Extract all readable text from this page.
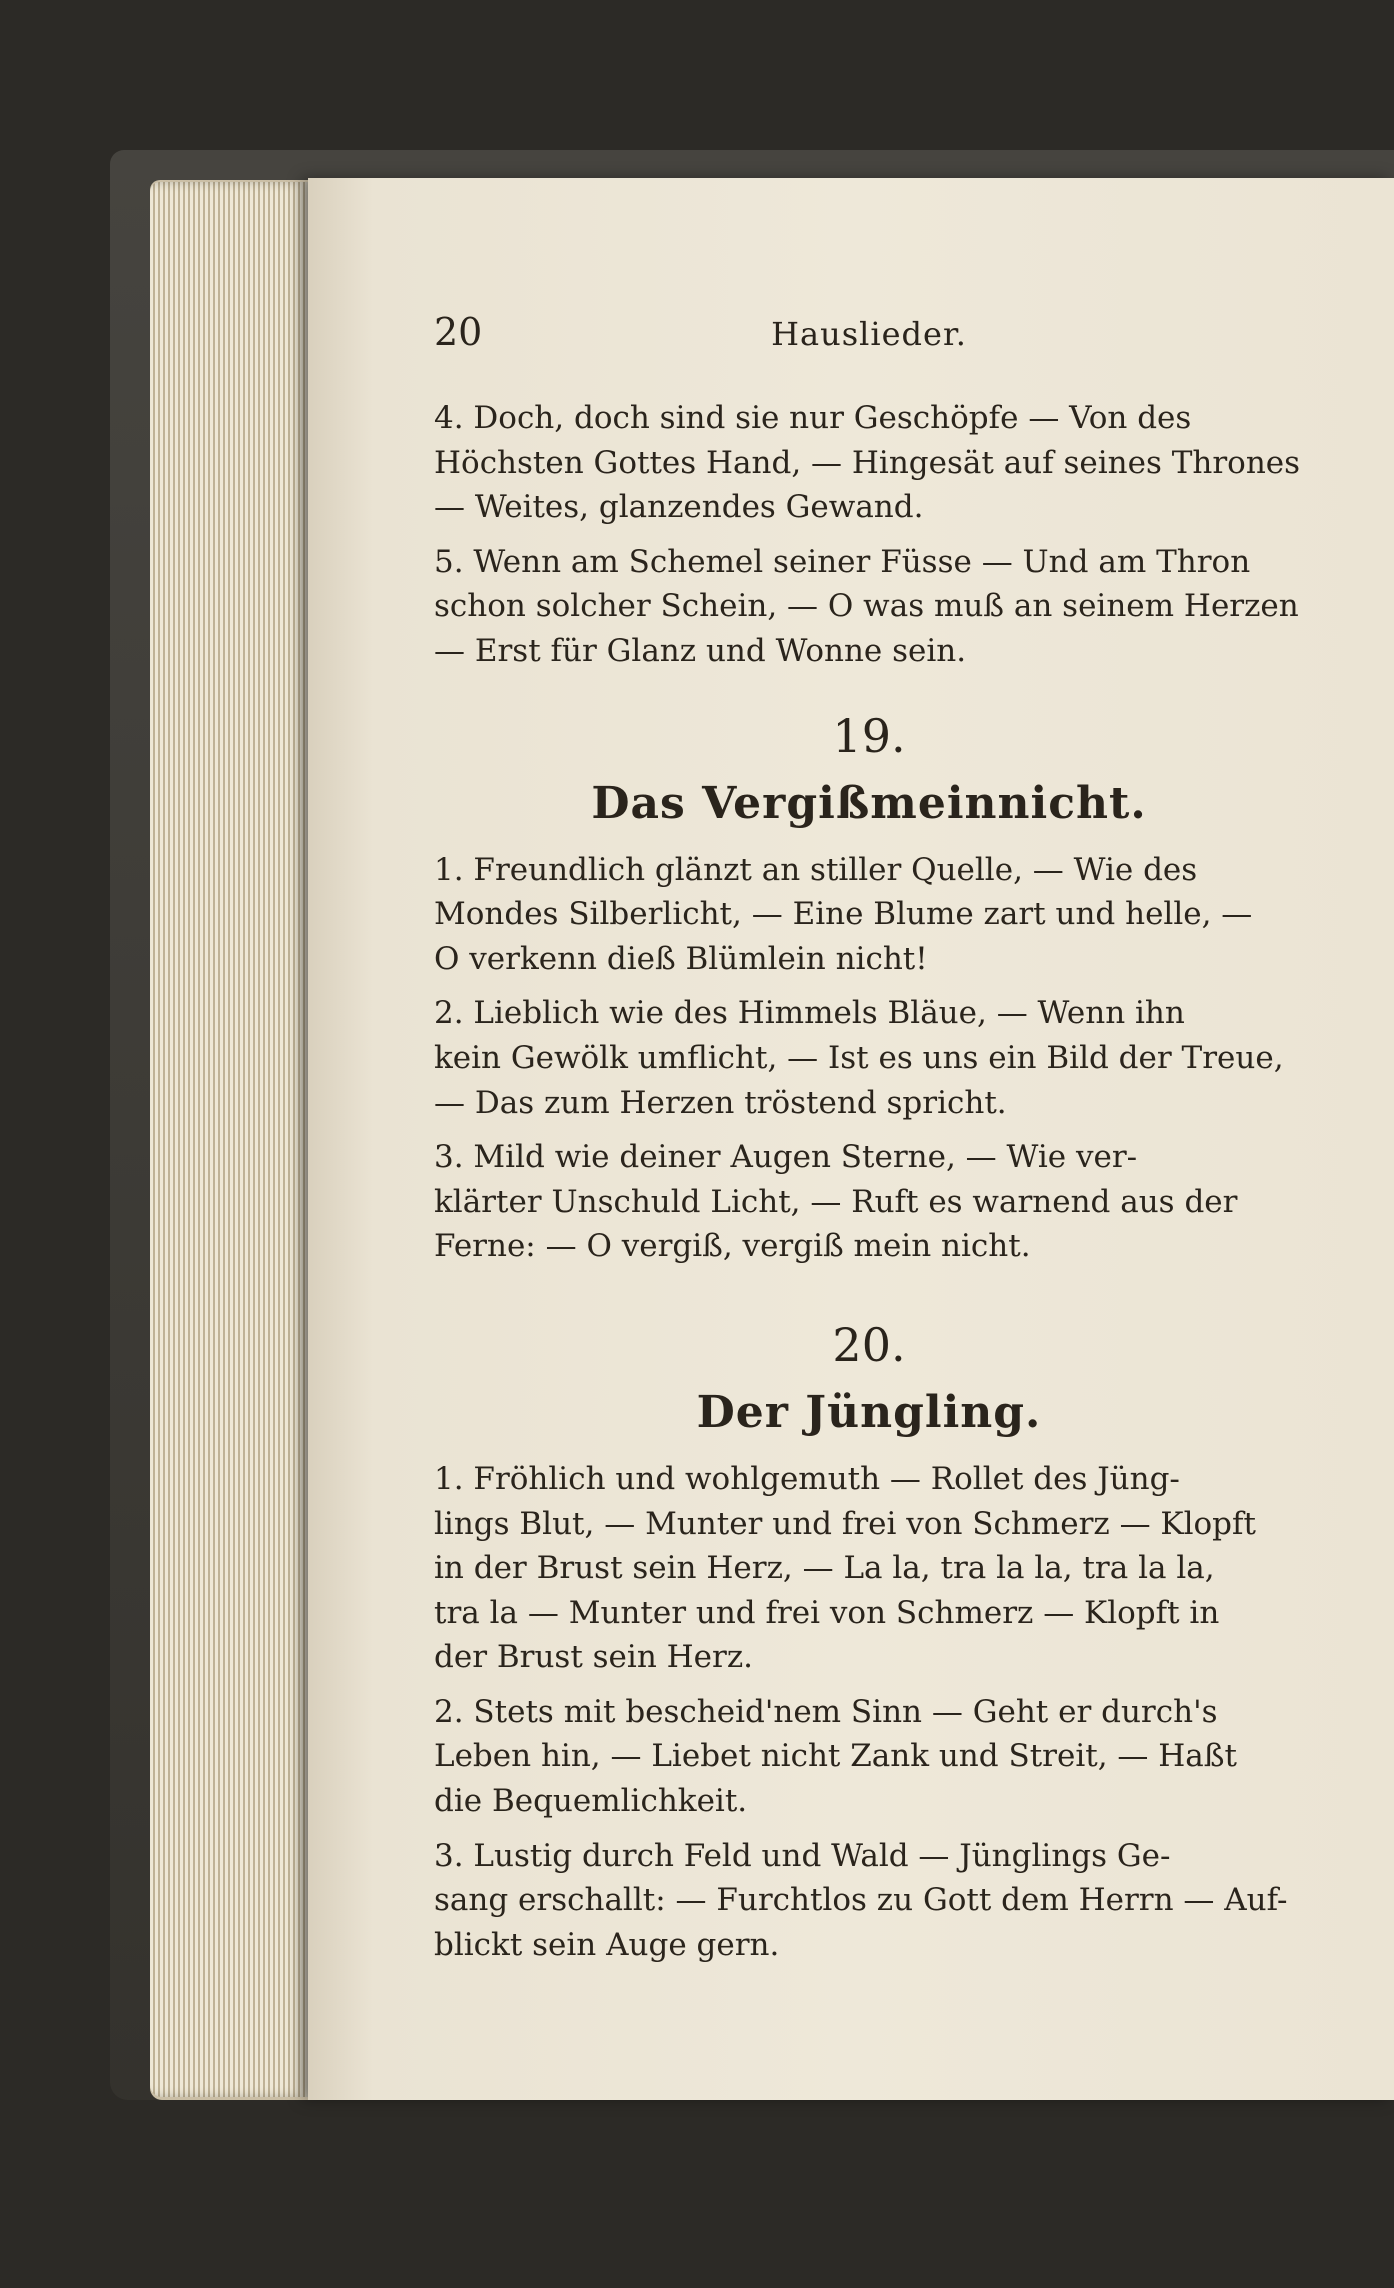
20	Hauslieder.

4. Doch, doch sind sie nur Geschöpfe — Von des
Höchsten Gottes Hand, — Hingesät auf seines Thrones
— Weites, glanzendes Gewand.

5. Wenn am Schemel seiner Füsse — Und am Thron
schon solcher Schein, — O was muß an seinem Herzen
— Erst für Glanz und Wonne sein.

19.
Das Vergißmeinnicht.

1. Freundlich glänzt an stiller Quelle, — Wie des
Mondes Silberlicht, — Eine Blume zart und helle, —
O verkenn dieß Blümlein nicht!

2. Lieblich wie des Himmels Bläue, — Wenn ihn
kein Gewölk umflicht, — Ist es uns ein Bild der Treue,
— Das zum Herzen tröstend spricht.

3. Mild wie deiner Augen Sterne, — Wie ver-
klärter Unschuld Licht, — Ruft es warnend aus der
Ferne: — O vergiß, vergiß mein nicht.

20.
Der Jüngling.

1. Fröhlich und wohlgemuth — Rollet des Jüng-
lings Blut, — Munter und frei von Schmerz — Klopft
in der Brust sein Herz, — La la, tra la la, tra la la,
tra la — Munter und frei von Schmerz — Klopft in
der Brust sein Herz.

2. Stets mit bescheid'nem Sinn — Geht er durch's
Leben hin, — Liebet nicht Zank und Streit, — Haßt
die Bequemlichkeit.

3. Lustig durch Feld und Wald — Jünglings Ge-
sang erschallt: — Furchtlos zu Gott dem Herrn — Auf-
blickt sein Auge gern.
